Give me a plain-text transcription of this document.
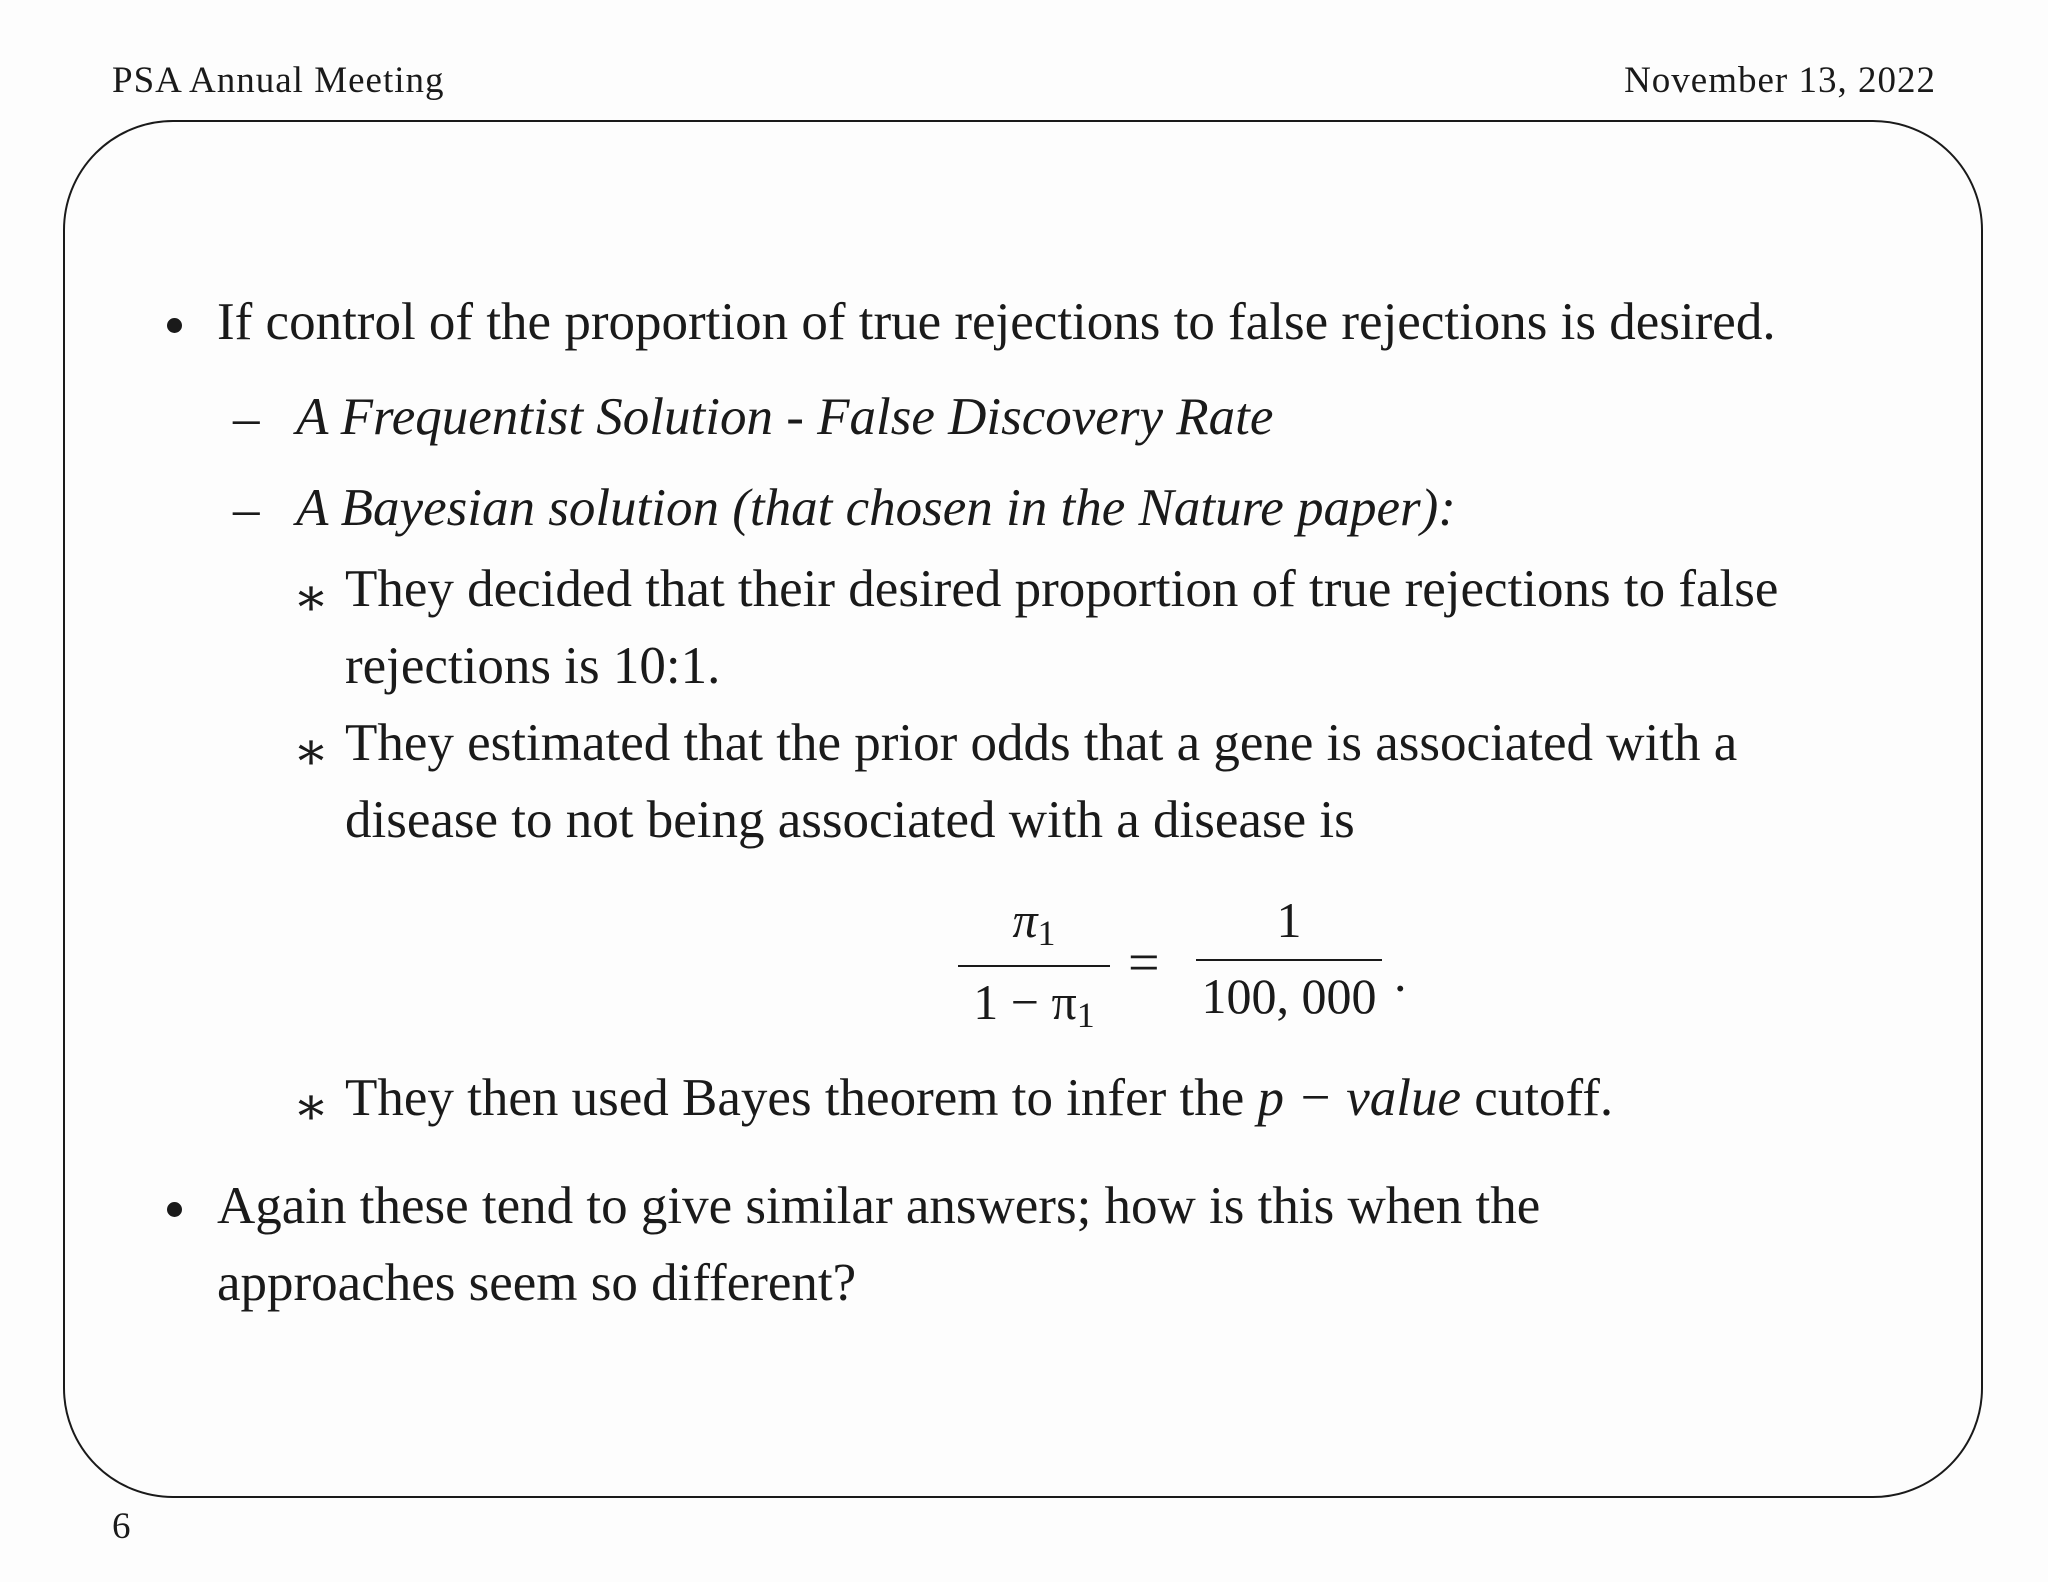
PSA Annual Meeting	November 13, 2022
If control of the proportion of true rejections to false rejections is desired.
– A Frequentist Solution - False Discovery Rate
– A Bayesian solution (that chosen in the Nature paper):
∗ They decided that their desired proportion of true rejections to false
rejections is 10:1.
∗ They estimated that the prior odds that a gene is associated with a
disease to not being associated with a disease is
$\pi_1$
$1 - \pi_1$
=
1
100, 000 .
∗ They then used Bayes theorem to infer the p − value cutoff.
Again these tend to give similar answers; how is this when the
approaches seem so different?
6
